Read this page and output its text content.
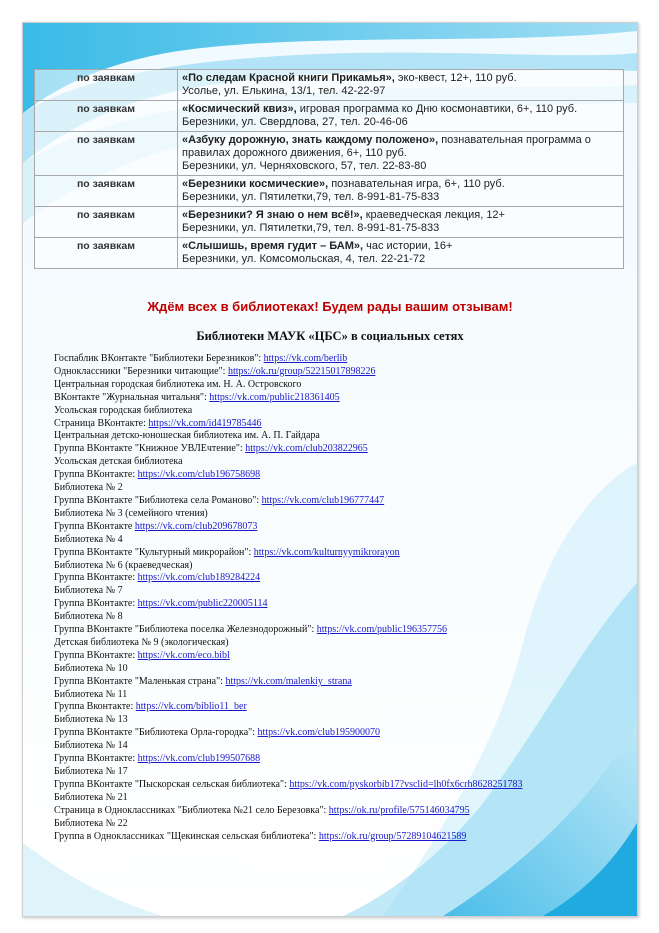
по заявкам	«По следам Красной книги Прикамья», эко-квест, 12+, 110 руб.
Усолье, ул. Елькина, 13/1, тел. 42-22-97
по заявкам	«Космический квиз», игровая программа ко Дню космонавтики, 6+, 110 руб.
Березники, ул. Свердлова, 27, тел. 20-46-06
по заявкам	«Азбуку дорожную, знать каждому положено», познавательная программа о правилах дорожного движения, 6+, 110 руб.
Березники, ул. Черняховского, 57, тел. 22-83-80
по заявкам	«Березники космические», познавательная игра, 6+, 110 руб.
Березники, ул. Пятилетки,79, тел. 8-991-81-75-833
по заявкам	«Березники? Я знаю о нем всё!», краеведческая лекция, 12+
Березники, ул. Пятилетки,79, тел. 8-991-81-75-833
по заявкам	«Слышишь, время гудит – БАМ», час истории, 16+
Березники, ул. Комсомольская, 4, тел. 22-21-72
Ждём всех в библиотеках! Будем рады вашим отзывам!
Библиотеки МАУК «ЦБС» в социальных сетях
Госпаблик ВКонтакте "Библиотеки Березников": https://vk.com/berlib
Одноклассники "Березники читающие": https://ok.ru/group/52215017898226
Центральная городская библиотека им. Н. А. Островского
ВКонтакте "Журнальная читальня": https://vk.com/public218361405
Усольская городская библиотека
Страница ВКонтакте: https://vk.com/id419785446
Центральная детско-юношеская библиотека им. А. П. Гайдара
Группа ВКонтакте "Книжное УВЛЕчтение": https://vk.com/club203822965
Усольская детская библиотека
Группа ВКонтакте: https://vk.com/club196758698
Библиотека № 2
Группа ВКонтакте "Библиотека села Романово": https://vk.com/club196777447
Библиотека № 3 (семейного чтения)
Группа ВКонтакте https://vk.com/club209678073
Библиотека № 4
Группа ВКонтакте "Культурный микрорайон": https://vk.com/kulturnyymikrorayon
Библиотека № 6 (краеведческая)
Группа ВКонтакте: https://vk.com/club189284224
Библиотека № 7
Группа ВКонтакте: https://vk.com/public220005114
Библиотека № 8
Группа ВКонтакте "Библиотека поселка Железнодорожный": https://vk.com/public196357756
Детская библиотека № 9 (экологическая)
Группа ВКонтакте: https://vk.com/eco.bibl
Библиотека № 10
Группа ВКонтакте "Маленькая страна": https://vk.com/malenkiy_strana
Библиотека № 11
Группа Вконтакте: https://vk.com/biblio11_ber
Библиотека № 13
Группа ВКонтакте "Библиотека Орла-городка": https://vk.com/club195900070
Библиотека № 14
Группа ВКонтакте: https://vk.com/club199507688
Библиотека № 17
Группа ВКонтакте "Пыскорская сельская библиотека": https://vk.com/pyskorbib17?vsclid=lh0fx6crh8628251783
Библиотека № 21
Страница в Одноклассниках "Библиотека №21 село Березовка": https://ok.ru/profile/575146034795
Библиотека № 22
Группа в Одноклассниках "Щекинская сельская библиотека": https://ok.ru/group/57289104621589
